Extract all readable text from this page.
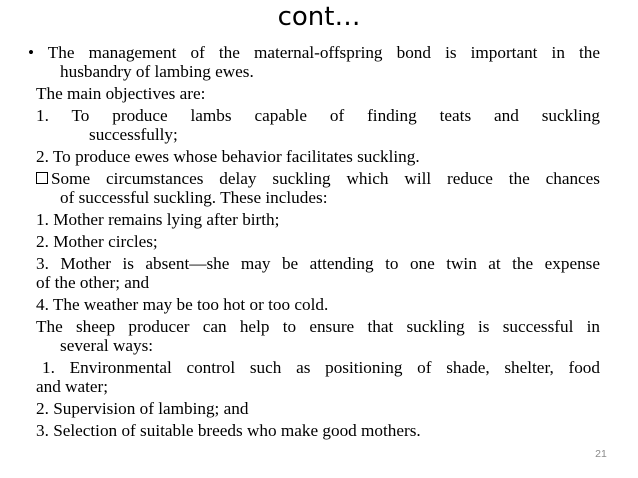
cont…
• The management of the maternal-offspring bond is important in the
husbandry of lambing ewes.
The main objectives are:
1. To produce lambs capable of finding teats and suckling
successfully;
2. To produce ewes whose behavior facilitates suckling.
Some circumstances delay suckling which will reduce the chances
of successful suckling. These includes:
1. Mother remains lying after birth;
2. Mother circles;
3. Mother is absent—she may be attending to one twin at the expense
of the other; and
4. The weather may be too hot or too cold.
The sheep producer can help to ensure that suckling is successful in
several ways:
1. Environmental control such as positioning of shade, shelter, food
and water;
2. Supervision of lambing; and
3. Selection of suitable breeds who make good mothers.
21
